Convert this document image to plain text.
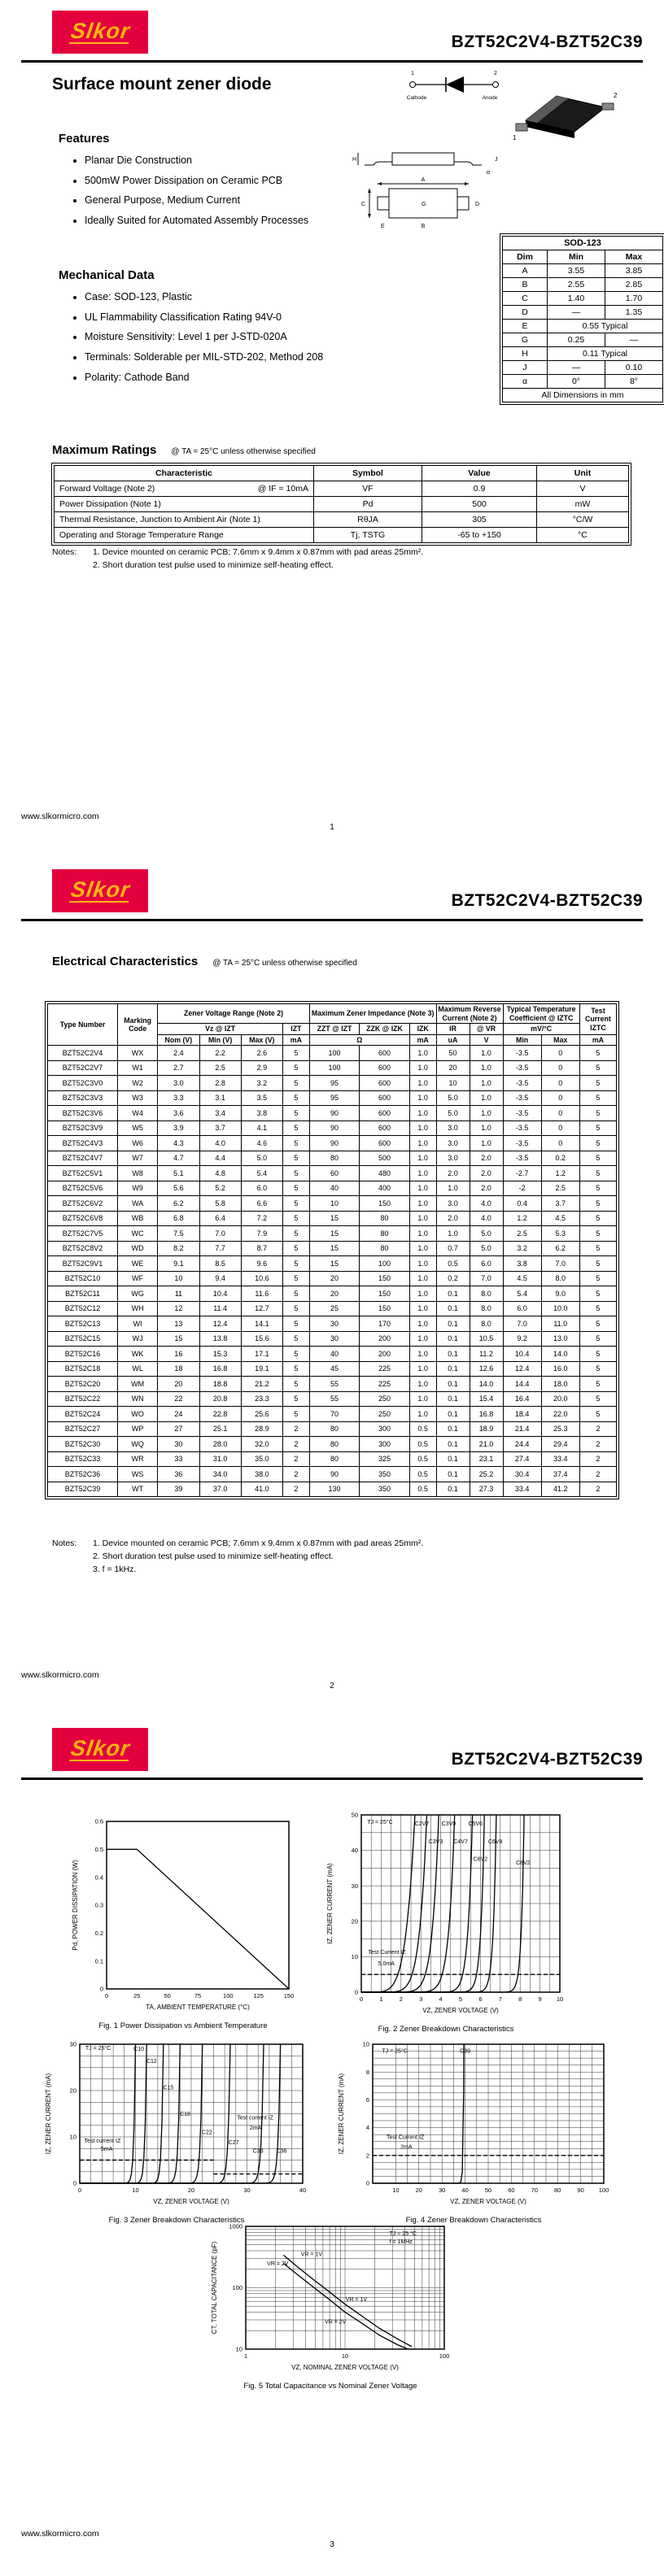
Slkor	BZT52C2V4-BZT52C39
Surface mount zener diode
Features
• Planar Die Construction
• 500mW Power Dissipation on Ceramic PCB
• General Purpose, Medium Current
• Ideally Suited for Automated Assembly Processes
Mechanical Data
• Case: SOD-123, Plastic
• UL Flammability Classification Rating 94V-0
• Moisture Sensitivity: Level 1 per J-STD-020A
• Terminals: Solderable per MIL-STD-202, Method 208
• Polarity: Cathode Band
1	2
Cathode	Anode
1
2
H
α
J
A
C
B
D
E
G
SOD-123		
Dim	Min	Max
A	3.55	3.85
B	2.55	2.85
C	1.40	1.70
D	—	1.35
E	0.55 Typical	
G	0.25	—
H	0.11 Typical	
J	—	0.10
α	0°	8°
All Dimensions in mm		
Maximum Ratings @ TA = 25°C unless otherwise specified
Characteristic	Symbol	Value	Unit
Forward Voltage (Note 2) @ IF = 10mA	VF	0.9	V
Power Dissipation (Note 1)	Pd	500	mW
Thermal Resistance, Junction to Ambient Air (Note 1)	RθJA	305	°C/W
Operating and Storage Temperature Range	Tj, TSTG	-65 to +150	°C
Notes: 1. Device mounted on ceramic PCB; 7.6mm x 9.4mm x 0.87mm with pad areas 25mm².
2. Short duration test pulse used to minimize self-heating effect.
www.slkormicro.com
1
Slkor	BZT52C2V4-BZT52C39
Electrical Characteristics @ TA = 25°C unless otherwise specified
Type Number	Marking Code	Zener Voltage Range (Note 2)				Maximum Zener Impedance (Note 3)			Maximum Reverse Current (Note 2)		Typical Temperature Coefficient @ IZTC		Test Current IZTC
		Vz @ IZT			IZT	ZZT @ IZT	ZZK @ IZK	IZK	IR	@ VR	mV/°C		
		Nom (V)	Min (V)	Max (V)	mA	Ω		mA	uA	V	Min	Max	mA
BZT52C2V4	WX	2.4	2.2	2.6	5	100	600	1.0	50	1.0	-3.5	0	5
BZT52C2V7	W1	2.7	2.5	2.9	5	100	600	1.0	20	1.0	-3.5	0	5
BZT52C3V0	W2	3.0	2.8	3.2	5	95	600	1.0	10	1.0	-3.5	0	5
BZT52C3V3	W3	3.3	3.1	3.5	5	95	600	1.0	5.0	1.0	-3.5	0	5
BZT52C3V6	W4	3.6	3.4	3.8	5	90	600	1.0	5.0	1.0	-3.5	0	5
BZT52C3V9	W5	3.9	3.7	4.1	5	90	600	1.0	3.0	1.0	-3.5	0	5
BZT52C4V3	W6	4.3	4.0	4.6	5	90	600	1.0	3.0	1.0	-3.5	0	5
BZT52C4V7	W7	4.7	4.4	5.0	5	80	500	1.0	3.0	2.0	-3.5	0.2	5
BZT52C5V1	W8	5.1	4.8	5.4	5	60	480	1.0	2.0	2.0	-2.7	1.2	5
BZT52C5V6	W9	5.6	5.2	6.0	5	40	400	1.0	1.0	2.0	-2	2.5	5
BZT52C6V2	WA	6.2	5.8	6.6	5	10	150	1.0	3.0	4.0	0.4	3.7	5
BZT52C6V8	WB	6.8	6.4	7.2	5	15	80	1.0	2.0	4.0	1.2	4.5	5
BZT52C7V5	WC	7.5	7.0	7.9	5	15	80	1.0	1.0	5.0	2.5	5.3	5
BZT52C8V2	WD	8.2	7.7	8.7	5	15	80	1.0	0.7	5.0	3.2	6.2	5
BZT52C9V1	WE	9.1	8.5	9.6	5	15	100	1.0	0.5	6.0	3.8	7.0	5
BZT52C10	WF	10	9.4	10.6	5	20	150	1.0	0.2	7.0	4.5	8.0	5
BZT52C11	WG	11	10.4	11.6	5	20	150	1.0	0.1	8.0	5.4	9.0	5
BZT52C12	WH	12	11.4	12.7	5	25	150	1.0	0.1	8.0	6.0	10.0	5
BZT52C13	WI	13	12.4	14.1	5	30	170	1.0	0.1	8.0	7.0	11.0	5
BZT52C15	WJ	15	13.8	15.6	5	30	200	1.0	0.1	10.5	9.2	13.0	5
BZT52C16	WK	16	15.3	17.1	5	40	200	1.0	0.1	11.2	10.4	14.0	5
BZT52C18	WL	18	16.8	19.1	5	45	225	1.0	0.1	12.6	12.4	16.0	5
BZT52C20	WM	20	18.8	21.2	5	55	225	1.0	0.1	14.0	14.4	18.0	5
BZT52C22	WN	22	20.8	23.3	5	55	250	1.0	0.1	15.4	16.4	20.0	5
BZT52C24	WO	24	22.8	25.6	5	70	250	1.0	0.1	16.8	18.4	22.0	5
BZT52C27	WP	27	25.1	28.9	2	80	300	0.5	0.1	18.9	21.4	25.3	2
BZT52C30	WQ	30	28.0	32.0	2	80	300	0.5	0.1	21.0	24.4	29.4	2
BZT52C33	WR	33	31.0	35.0	2	80	325	0.5	0.1	23.1	27.4	33.4	2
BZT52C36	WS	36	34.0	38.0	2	90	350	0.5	0.1	25.2	30.4	37.4	2
BZT52C39	WT	39	37.0	41.0	2	130	350	0.5	0.1	27.3	33.4	41.2	2
Notes: 1. Device mounted on ceramic PCB; 7.6mm x 9.4mm x 0.87mm with pad areas 25mm².
2. Short duration test pulse used to minimize self-heating effect.
3. f = 1kHz.
www.slkormicro.com
2
Slkor	BZT52C2V4-BZT52C39
0	25	50	75	100	125	150
0
0.1
0.2
0.3
0.4
0.5
0.6
TA, AMBIENT TEMPERATURE (°C)
Pd, POWER DISSIPATION (W)
Fig. 1 Power Dissipation vs Ambient Temperature
0	1	2	3	4	5	6	7	8	9 10
0
10
20
30
40
50
VZ, ZENER VOLTAGE (V)
IZ, ZENER CURRENT (mA)
C2V7 C3V9 C5V6
C3V3 C4V7	C6V8
C6V2
C8V2
TJ = 25°C
Test Current IZ
5.0mA
Fig. 2 Zener Breakdown Characteristics
0	10	20	30	40
0
10
20
30
VZ, ZENER VOLTAGE (V)
IZ, ZENER CURRENT (mA)
C10
C12
C15
C18
C22
C27
C33 C36
TJ = 25°C
Test current IZ
5mA
Test current IZ
2mA
Fig. 3 Zener Breakdown Characteristics
10	20	30	40	50	60	70	80	90 100
0
2
4
6
8
10
VZ, ZENER VOLTAGE (V)
IZ, ZENER CURRENT (mA)
C39
TJ = 25°C
Test Current IZ
2mA
Fig. 4 Zener Breakdown Characteristics
1	10	100
10
100
1000
VZ, NOMINAL ZENER VOLTAGE (V)
CT, TOTAL CAPACITANCE (pF)	VR = 1V
VR = 2V
VR = 1V
VR = 2V
TJ = 25 °C
f = 1MHz
Fig. 5 Total Capacitance vs Nominal Zener Voltage
www.slkormicro.com
3
